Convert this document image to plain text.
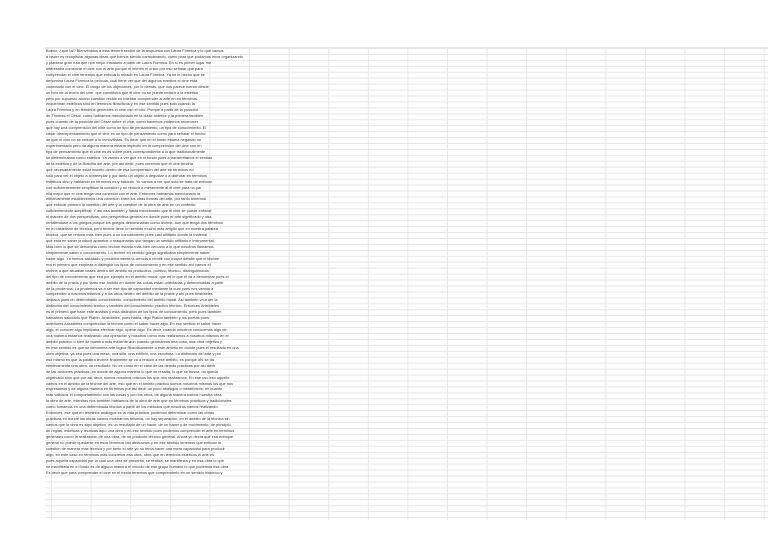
Bueno, ¿qué tal? Bienvenidos a esta tercera sesión de la respuesta con Laura Fórmica y lo que vamos
a hacer es recapitular algunas ideas que fuimos siendo considerando, como para que podamos irnos organizando
y plantear gran ruta que nos mejor instalarlo a partir de Laura Fórmica. Eh si es primer lugar me
interesaba comenzar el cine con el arte porque el interés el único por eso señalar que para
comprender el cine tenemos que enfocarlo mirado en Laura Fórmica. Ya he le hecho que se
denomina Laura Fórmica la película, cuál tiene ver que del algunos eventos el cine está
conectado con el cine. El rango de los objeciones, por lo demás, que nos parece fueron desde
un foro de la teoría del cine, que constituira que el cine no se puede reducir a la estética
pero por supuesto acción cuestión reside en intentar comprender al arte en en términos
encuentran estéticos sino en términos filosóficos y en ese sentido pues solo cuando la
Laura Fórmica y en términos generales el cine con el otro. Porque a partir de la posición
de Thomas el César, como habíamos mencionado en la clase anterior y la primera también
pues cuando de la posición del César sobre el cine, como hacemos podemos reconocer
que hay una comprensión del cine como un tipo de pensamiento, un tipo de conocimiento. El
césar ofrecepensamiento que el cine es un tipo de pensamiento como para señalar el hecho
de que el cine no se reduce a lo inmóvilistas. Es decir que en el fondo estaría negando no
experimentado pero da alguna manera estaría implícito en la comprensión del cine con un
tipo de pensamiento que el cine es es sobre pues correspondiente a lo que tradicionalmente
se determinaban como estética. Ya vamos a ver que en el fondo pues a transentrarlos el sentido
de la estética y de la filosofía del arte, por así decir, pues creemos que el cine tendría
que necesariamente estar inscrito dentro de esa comprensión del arte en términos no
solo para ver el objeto a contemplar y por tanto un objeto a degustar o a disfrutar en términos
estéticos sino y hablando en términos muy básicos. Yo vamos a ver que solo se trata de enfocar
con suficientemente simplificar la cuestión y no reducir a meramente al el cine para no par
ella mejor que el cine tenga una conexión con el arte. Entonces habíamos mencionado la
efectivamente establecemos una conexión entre los otras formas del arte, por tanto tenemos
que enfocar primero la cuestión del arte y la cuestión de la obra de arte en un contexto
suficientemente simplificar. Y así esa también y hasta mencionado que el cine se puede enfocar
el marcen de dos perspectivas, una perspectiva general en donde pues el arte significado y otra
remitiéndose a los griegos porque los griegos denominaban como téchne, aún que tenga dos términos
en el castellano de técnica, pero téchne tiene un sentido mucho más amplio que en nuestra palabra
técnica, que se reduce más bien pues a un conocimiento pues casi utilitario donde la material
que está en saber producir aparatos o maquinarias que tengan un sentido utilitario e instrumental.
Más bien lo que se denomina como téchne estaría más bien cercano a lo que nosotros llamamos
simplemente saber o conocimiento. Lo téchne en sentido griego significaba simplemente saber
hacer algo. Ya hemos saludado y posteriormente la ciencia a remitir con mayor detalle que el téchne
era el primero que empieza a distinguir los tipos de conocimiento y en ese sentido ahí vamos el
téchne a que situaban bases dentro del ámbito no productivo, poético, técnico, distinguiéndola
del tipo de conocimiento que esa por ejemplo en el ámbito moral, que es lo que él va a denominar pues el
ámbito de la praxis y por tanto ese ámbito en donde las cosas están orientadas y determinadas a partir
de la prudencia. La prudencia va a ser ese tipo de capacidad mediante la cual pues nos vamos a
comprender a nosotros mismos y a los otros dentro del ámbito de la praxis y ahí pues Aristóteles
destaca pues un determinado conocimiento, conocimiento del ámbito moral. Asi también va a ser la
distinción del conocimiento teórico y también del conocimiento práctico técnico. Entonces Aristóteles
es el primero que hace este análisis y esta distinción de los tipos de conocimiento, pero pues también
habíamos saludado que Platón, Aristóteles, pues había, digo Platón también y los poetas pues
anteriores Aristóteles comprendían la téchne como el saber hacer algo. En ese sentido el saber hacer
algo, el conocer algo implicaba efectuar algo, operar algo. Es decir, cuando nosotros conocemos algo de
una manera estamos realizando una operación y nosotros como mas realizamos a nosotros mismos en el
ámbito práctico o bien de manera más evidente aún cuando generamos una cosa, una obra objetiva y
en ese sentido es que se denomina arte lógica filosóficamente a este ámbito en donde pues el resultado es una
obra objetiva, ya sea pues una mesa, una silla, una edificio, una escultura. La distinción del arte y por
eso mismo es que la palabra téchne finalmente se va a reducir a ese ámbito, es porque ahí se da
efectivamente una obra, un resultado. No es como en el caso de las demás prácticas por así decir
de las acciones prácticas, en donde de alguna manera lo que se resalta, lo que se busca, no queda
objetivado sino que por así decir, somos nosotros mismos los que nos realizamos. En ese uso eso aquello
vamos en el ámbito de la téchne del arte, eso que en el ámbito práctico somos nosotros mismos los que nos
expresamos y de alguna manera en términos por así decir un poco análogos o metafóricos, en cuanto
más valiosos el comportamiento con las cosas y con los otros, de alguna manera somos nuestra obra,
la obra de arte, mientras nos también hablamos de la obra de arte que en términos prácticos y tradicionales
como fomamos en una determinada técnica a partir de los métodos que nosotros vamos realizando.
Entonces, ese que en términos análogos es la vida práctica, podemos determinar como las obras
prácticas en donde las obras vamos mostrarnos mismos, no hay separación, en el ámbito de la técnica sin
vamos que la obra es algo objetivo, es un resultado de un hacer, de un hacer y de movimiento, de principio,
de reglas, estéticas y técnicas aquí una obra y en ese sentido pues podemos comprender el arte en términos
generales como la realización de una obra, de un producto técnico general. Ahora yo decía que esa enfoque
general no puede quedarse en esos términos tan abstractos y en ese sentido tenemos que enfocar la
cuestión de manera más técnica y por tanto el arte yo no tenía hacer una mera capacidad para producir
algo, en este caso en términos más concretos esa obra, obra que en términos estéticos el arte es
pues aquella capacidad por la cual una obra se presenta, se realiza, se manifiesta y en esa obra lo que
se manifiesta en el fondo es de alguna manera el vínculo de ese grupo humano lo que podemos esa obra
Es decir que para comprender el cine en el fondo tenemos que comprenderlo en un sentido histórico y
